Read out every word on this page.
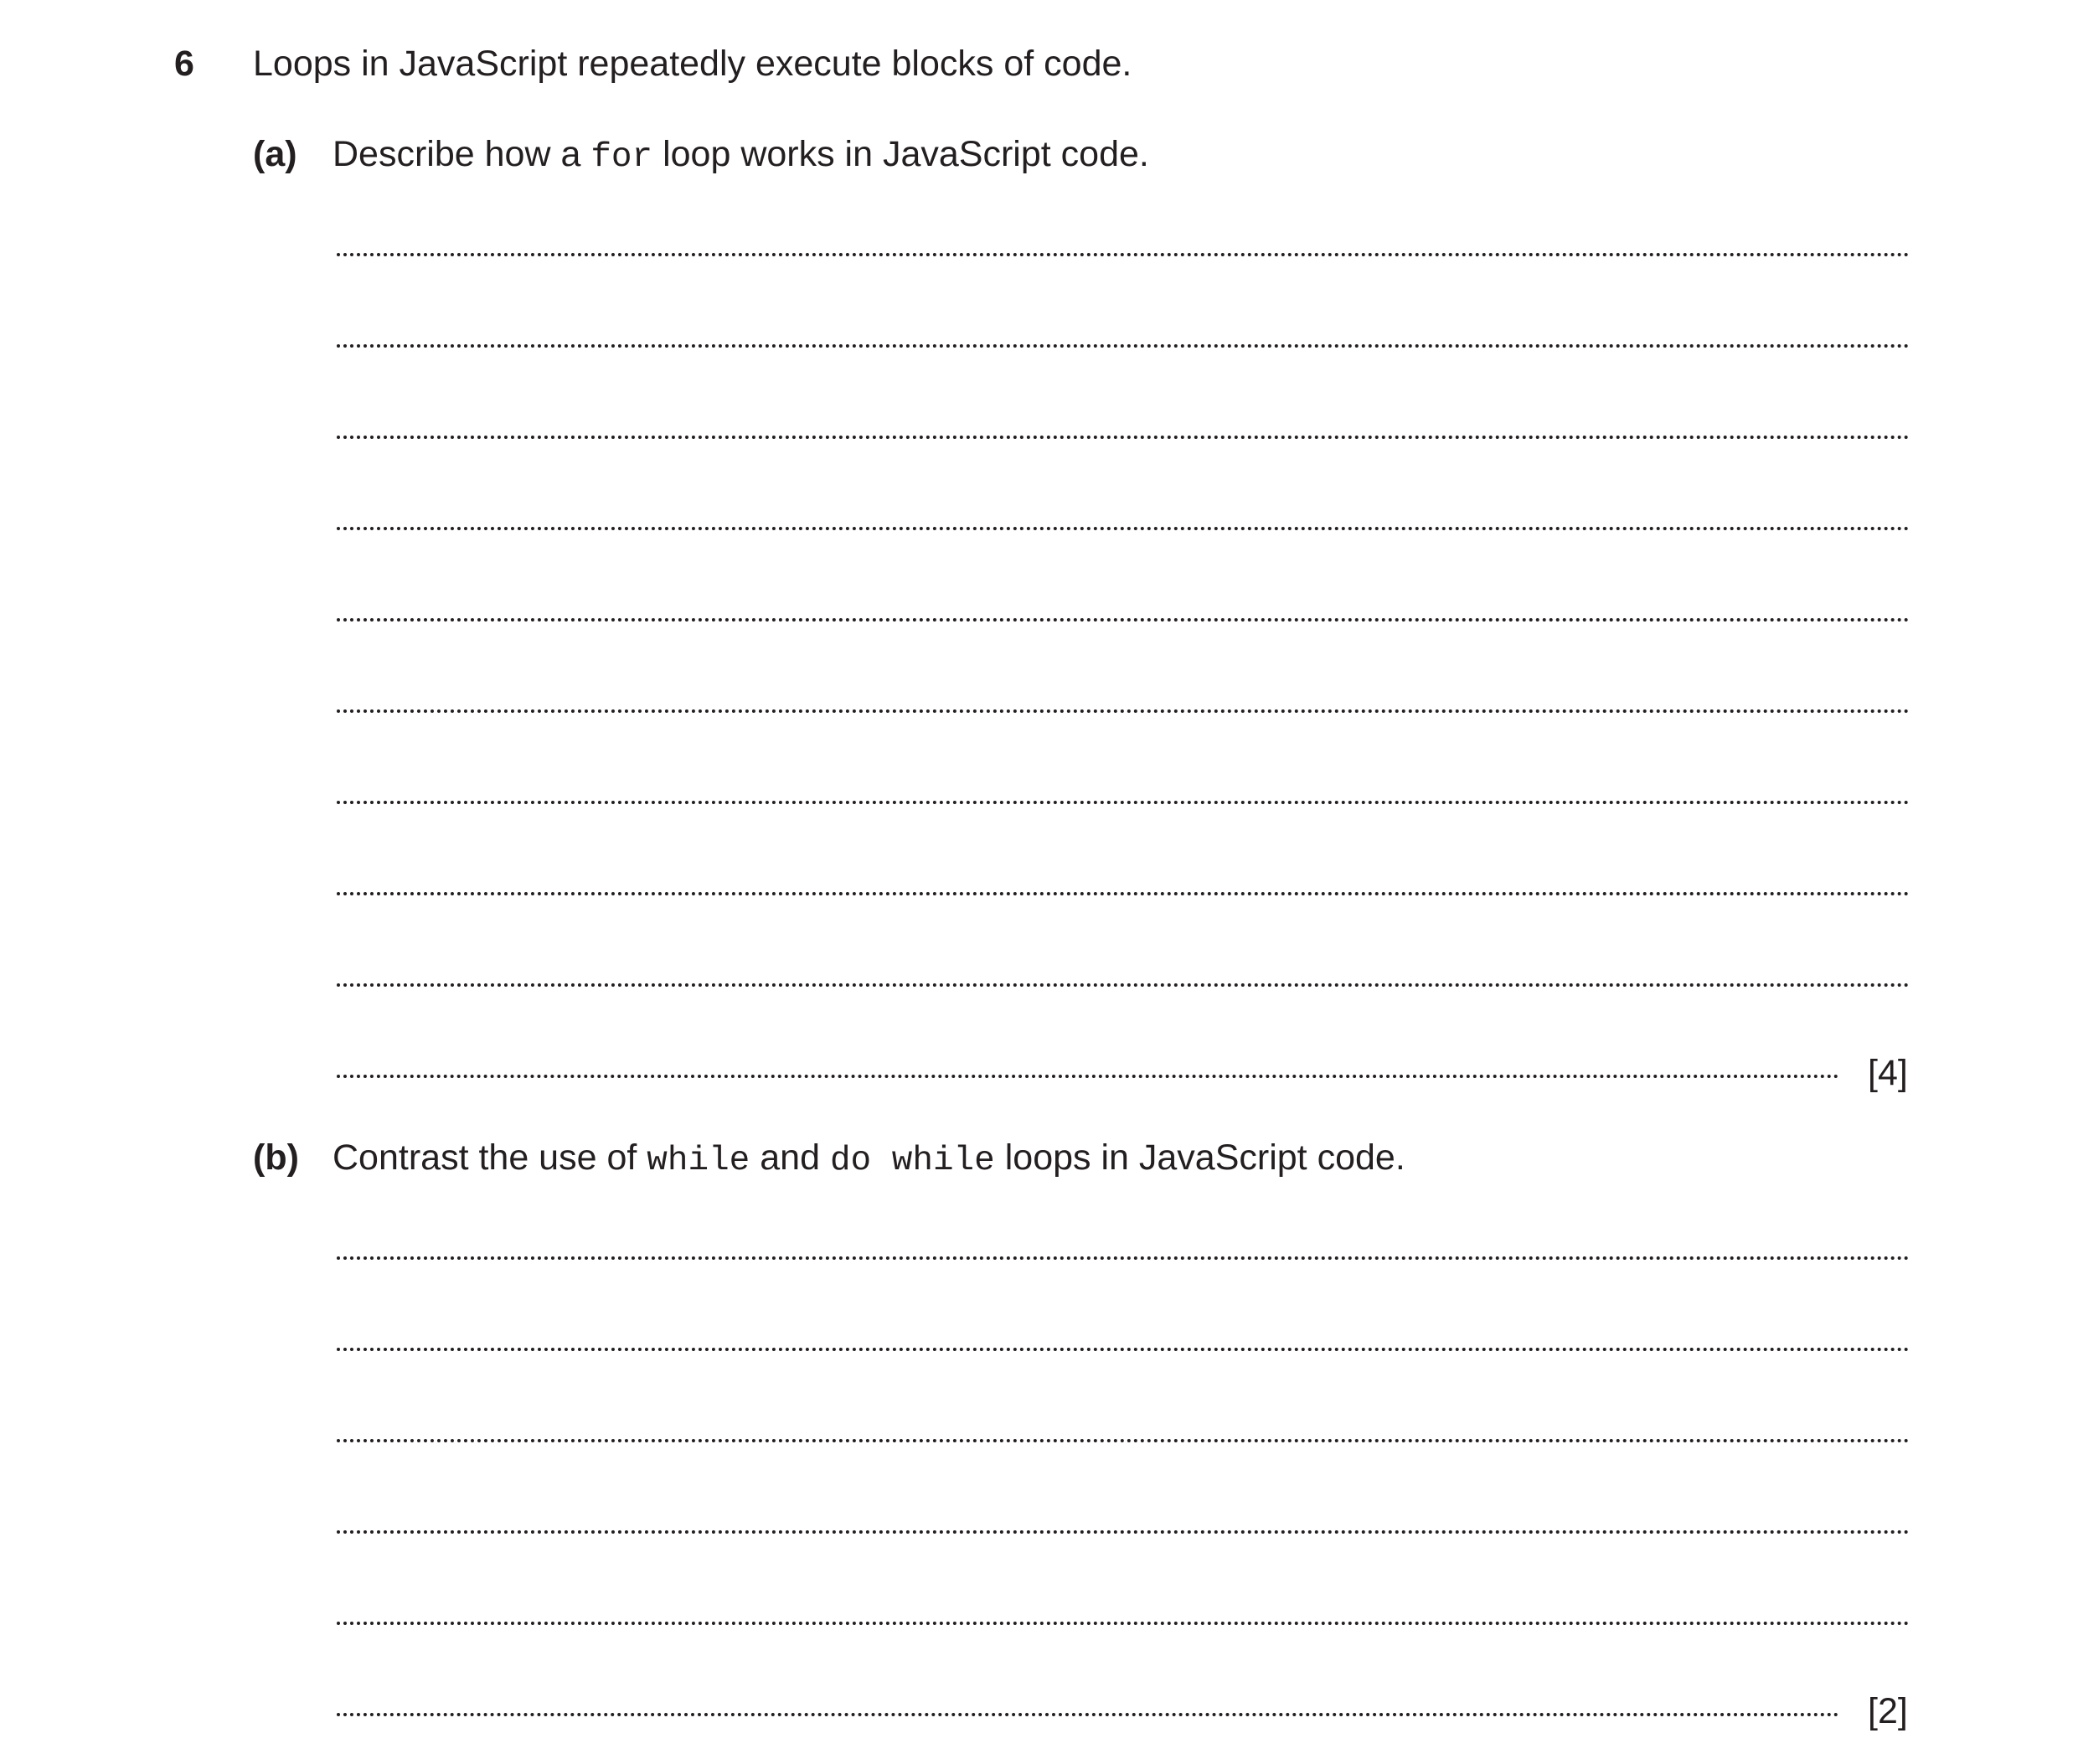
6 Loops in JavaScript repeatedly execute blocks of code.
(a) Describe how a for loop works in JavaScript code.
[4]
(b) Contrast the use of while and do while loops in JavaScript code.
[2]
